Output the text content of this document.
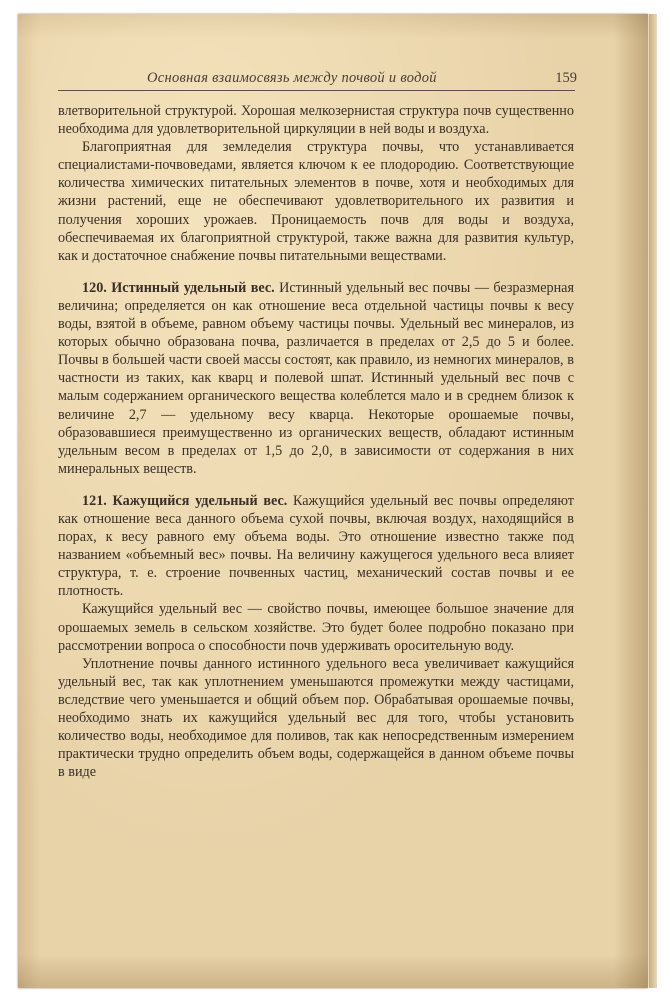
Основная взаимосвязь между почвой и водой	159

влетворительной структурой. Хорошая мелкозернистая структура почв существенно необходима для удовлетворительной циркуляции в ней воды и воздуха.

Благоприятная для земледелия структура почвы, что устанавливается специалистами-почвоведами, является ключом к ее плодородию. Соответствующие количества химических питательных элементов в почве, хотя и необходимых для жизни растений, еще не обеспечивают удовлетворительного их развития и получения хороших урожаев. Проницаемость почв для воды и воздуха, обеспечиваемая их благоприятной структурой, также важна для развития культур, как и достаточное снабжение почвы питательными веществами.

120. Истинный удельный вес. Истинный удельный вес почвы — безразмерная величина; определяется он как отношение веса отдельной частицы почвы к весу воды, взятой в объеме, равном объему частицы почвы. Удельный вес минералов, из которых обычно образована почва, различается в пределах от 2,5 до 5 и более. Почвы в большей части своей массы состоят, как правило, из немногих минералов, в частности из таких, как кварц и полевой шпат. Истинный удельный вес почв с малым содержанием органического вещества колеблется мало и в среднем близок к величине 2,7 — удельному весу кварца. Некоторые орошаемые почвы, образовавшиеся преимущественно из органических веществ, обладают истинным удельным весом в пределах от 1,5 до 2,0, в зависимости от содержания в них минеральных веществ.

121. Кажущийся удельный вес. Кажущийся удельный вес почвы определяют как отношение веса данного объема сухой почвы, включая воздух, находящийся в порах, к весу равного ему объема воды. Это отношение известно также под названием «объемный вес» почвы. На величину кажущегося удельного веса влияет структура, т. е. строение почвенных частиц, механический состав почвы и ее плотность.

Кажущийся удельный вес — свойство почвы, имеющее большое значение для орошаемых земель в сельском хозяйстве. Это будет более подробно показано при рассмотрении вопроса о способности почв удерживать оросительную воду.

Уплотнение почвы данного истинного удельного веса увеличивает кажущийся удельный вес, так как уплотнением уменьшаются промежутки между частицами, вследствие чего уменьшается и общий объем пор. Обрабатывая орошаемые почвы, необходимо знать их кажущийся удельный вес для того, чтобы установить количество воды, необходимое для поливов, так как непосредственным измерением практически трудно определить объем воды, содержащейся в данном объеме почвы в виде
